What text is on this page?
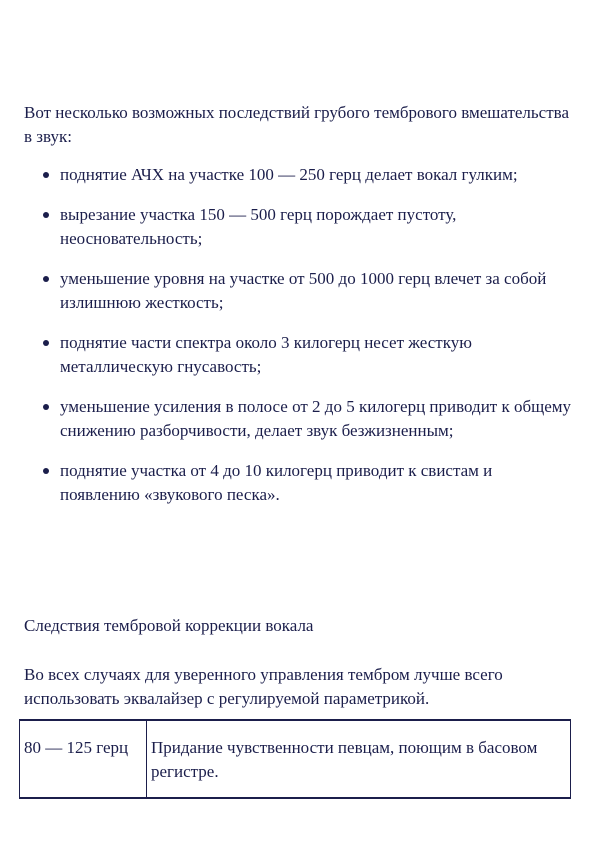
Вот несколько возможных последствий грубого тембрового вмешательства в звук:

поднятие АЧХ на участке 100 — 250 герц делает вокал гулким;
вырезание участка 150 — 500 герц порождает пустоту, неосновательность;
уменьшение уровня на участке от 500 до 1000 герц влечет за собой излишнюю жесткость;
поднятие части спектра около 3 килогерц несет жесткую металлическую гнусавость;
уменьшение усиления в полосе от 2 до 5 килогерц приводит к общему снижению разборчивости, делает звук безжизненным;
поднятие участка от 4 до 10 килогерц приводит к свистам и появлению «звукового песка».
Следствия тембровой коррекции вокала

Во всех случаях для уверенного управления тембром лучше всего использовать эквалайзер с регулируемой параметрикой.

80 — 125 герц	Придание чувственности певцам, поющим в басовом регистре.
